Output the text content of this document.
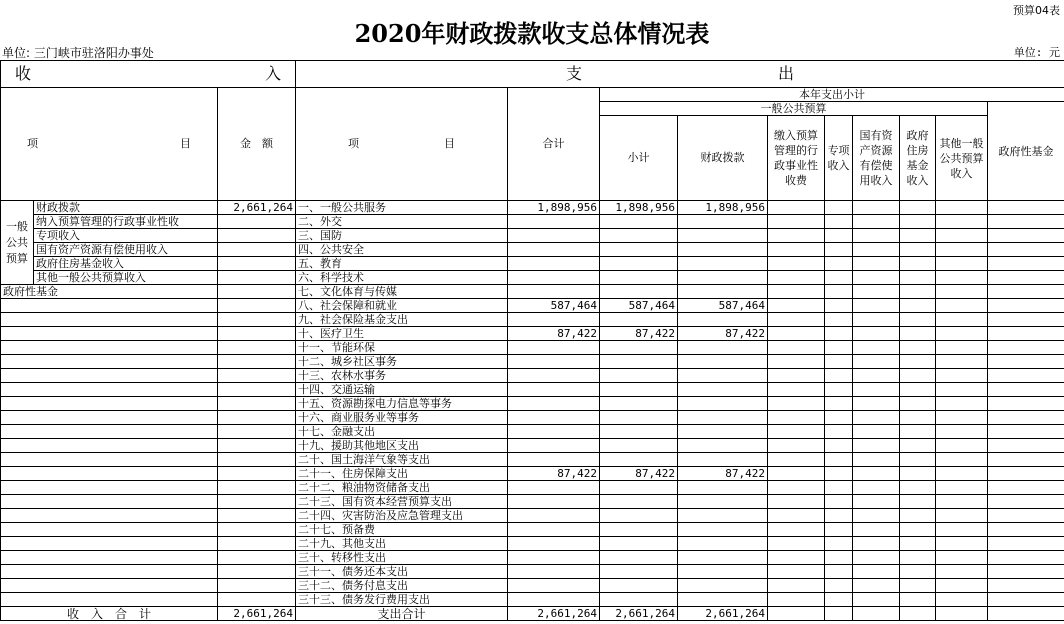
预算04表
2020年财政拨款收支总体情况表
单位: 三门峡市驻洛阳办事处	单位: 元
收 入			支 出									

项 目		金　额	项 目	合计	本年支出小计							
					一般公共预算							政府性基金
					小计	财政拨款	缴入预算管理的行政事业性收费	专项收入	国有资产资源有偿使用收入	政府住房基金收入	其他一般公共预算收入	
一般公共预算	财政拨款	2,661,264	一、一般公共服务	1,898,956	1,898,956	1,898,956						
	纳入预算管理的行政事业性收		二、外交									
	专项收入		三、国防									
	国有资产资源有偿使用收入		四、公共安全									
	政府住房基金收入		五、教育									
	其他一般公共预算收入		六、科学技术									
政府性基金			七、文化体育与传媒									
			八、社会保障和就业	587,464	587,464	587,464						
			九、社会保险基金支出									
			十、医疗卫生	87,422	87,422	87,422						
			十一、节能环保									
			十二、城乡社区事务									
			十三、农林水事务									
			十四、交通运输									
			十五、资源勘探电力信息等事务									
			十六、商业服务业等事务									
			十七、金融支出									
			十九、援助其他地区支出									
			二十、国土海洋气象等支出									
			二十一、住房保障支出	87,422	87,422	87,422						
			二十二、粮油物资储备支出									
			二十三、国有资本经营预算支出									
			二十四、灾害防治及应急管理支出									
			二十七、预备费									
			二十九、其他支出									
			三十、转移性支出									
			三十一、债务还本支出									
			三十二、债务付息支出									
			三十三、债务发行费用支出									
收　入　合　计		2,661,264	支出合计	2,661,264	2,661,264	2,661,264						
